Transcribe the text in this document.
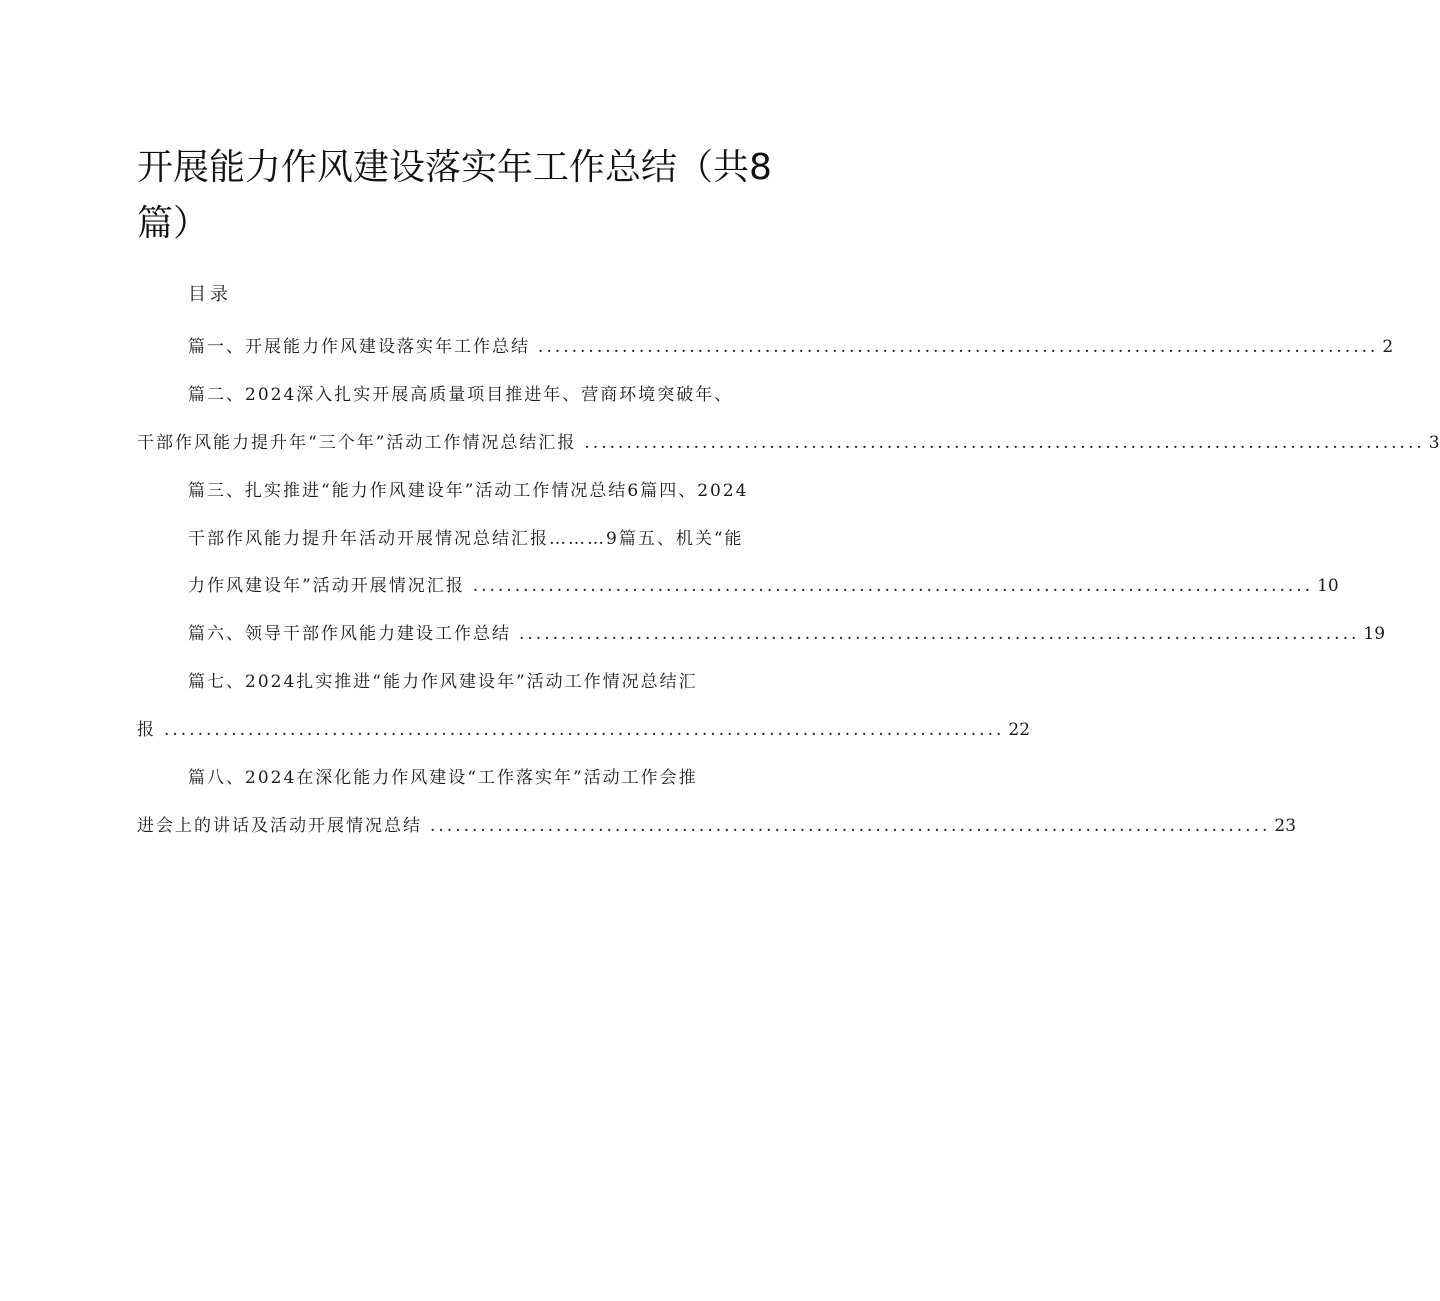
开展能力作风建设落实年工作总结（共8
篇）
目录
篇一、开展能力作风建设落实年工作总结 .................................................................................................... 2
篇二、2024深入扎实开展高质量项目推进年、营商环境突破年、
干部作风能力提升年“三个年”活动工作情况总结汇报 .................................................................................................... 3
篇三、扎实推进“能力作风建设年”活动工作情况总结6篇四、2024
干部作风能力提升年活动开展情况总结汇报………9篇五、机关“能
力作风建设年”活动开展情况汇报 .................................................................................................... 10
篇六、领导干部作风能力建设工作总结 .................................................................................................... 19
篇七、2024扎实推进“能力作风建设年”活动工作情况总结汇
报 .................................................................................................... 22
篇八、2024在深化能力作风建设“工作落实年”活动工作会推
进会上的讲话及活动开展情况总结 .................................................................................................... 23
